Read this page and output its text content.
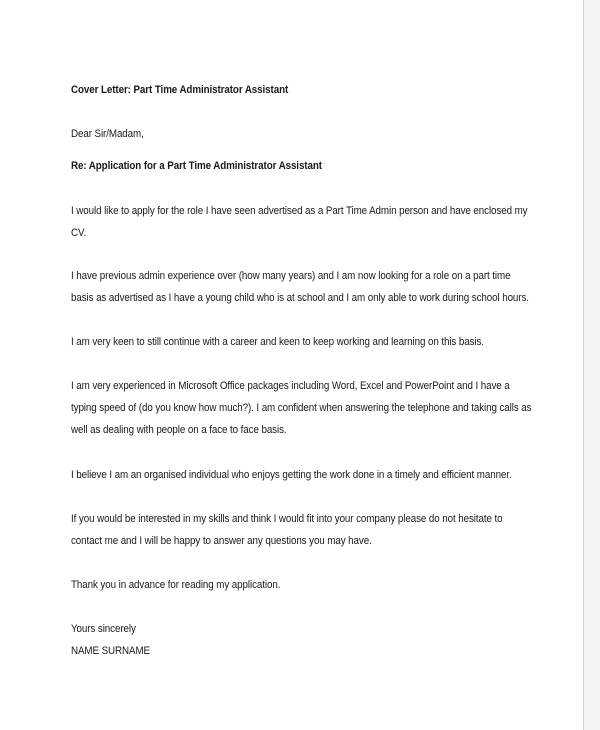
Cover Letter: Part Time Administrator Assistant

Dear Sir/Madam,

Re: Application for a Part Time Administrator Assistant

I would like to apply for the role I have seen advertised as a Part Time Admin person and have enclosed my

CV.

I have previous admin experience over (how many years) and I am now looking for a role on a part time

basis as advertised as I have a young child who is at school and I am only able to work during school hours.

I am very keen to still continue with a career and keen to keep working and learning on this basis.

I am very experienced in Microsoft Office packages including Word, Excel and PowerPoint and I have a

typing speed of (do you know how much?). I am confident when answering the telephone and taking calls as

well as dealing with people on a face to face basis.

I believe I am an organised individual who enjoys getting the work done in a timely and efficient manner.

If you would be interested in my skills and think I would fit into your company please do not hesitate to

contact me and I will be happy to answer any questions you may have.

Thank you in advance for reading my application.

Yours sincerely

NAME SURNAME
